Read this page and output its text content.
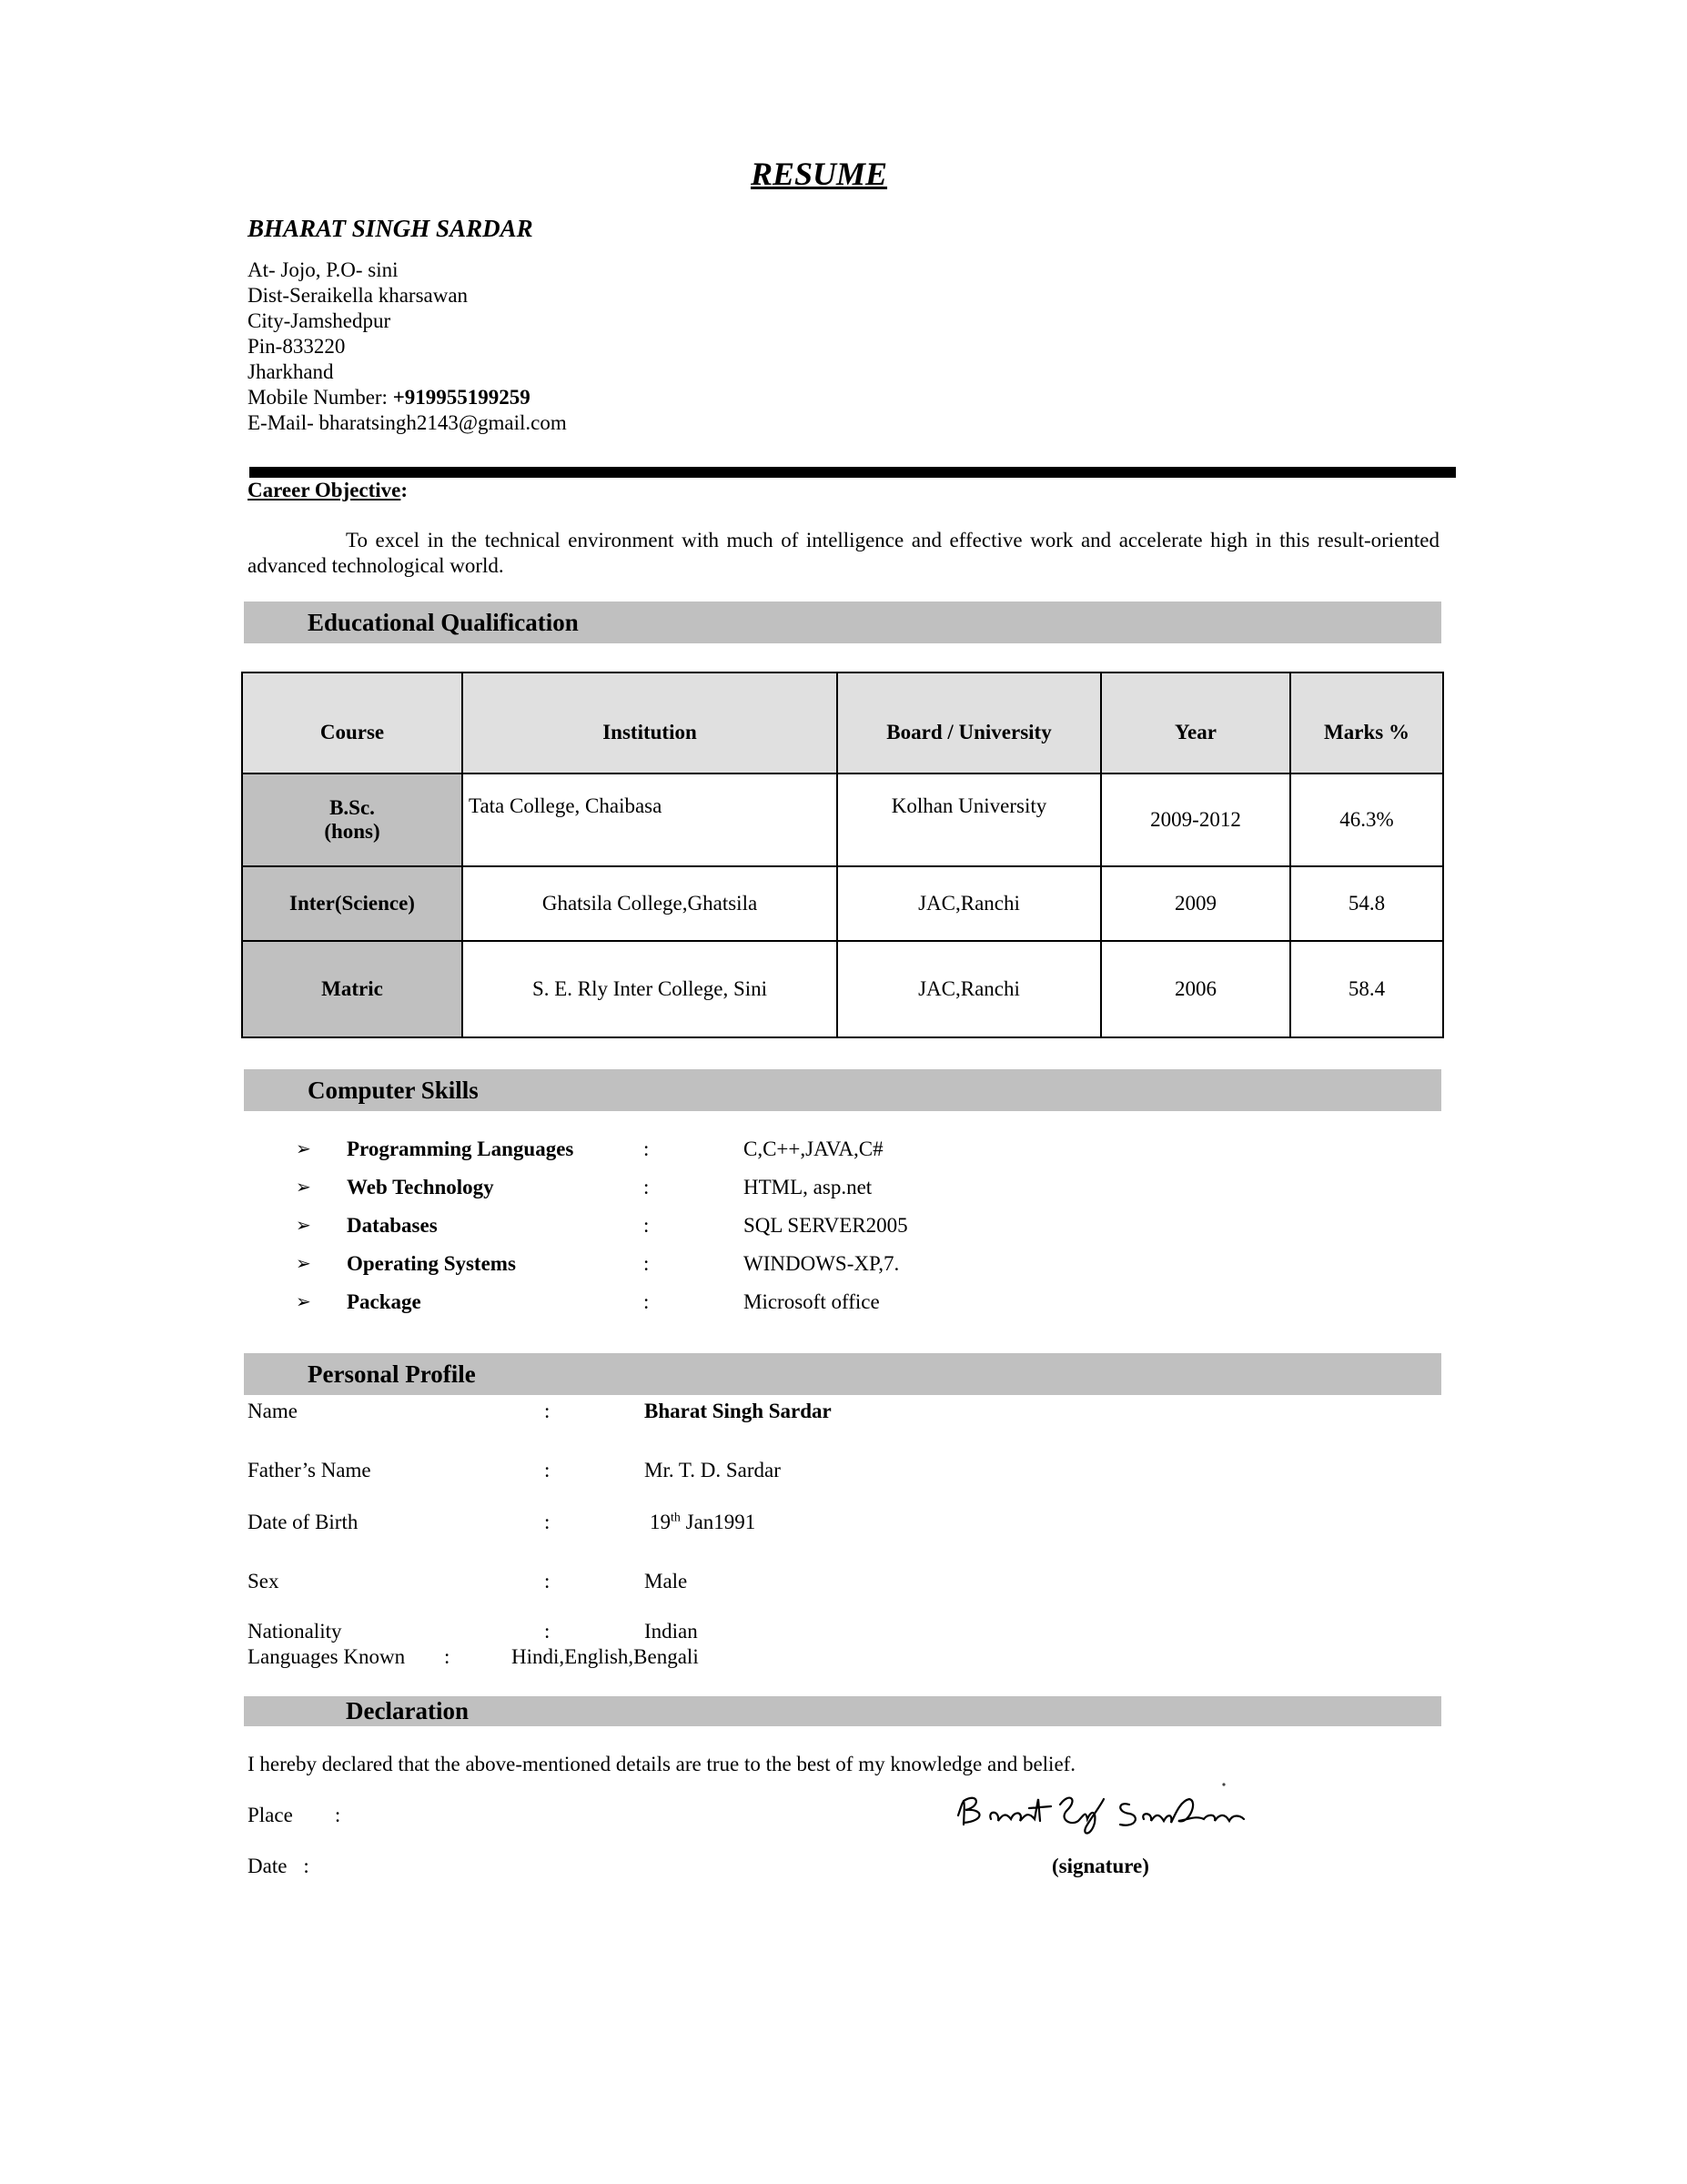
RESUME
BHARAT SINGH SARDAR
At- Jojo, P.O- sini
Dist-Seraikella kharsawan
City-Jamshedpur
Pin-833220
Jharkhand
Mobile Number: +919955199259
E-Mail- bharatsingh2143@gmail.com
Career Objective:
To excel in the technical environment with much of intelligence and effective work and accelerate high in this result-oriented advanced technological world.
Educational Qualification
Course	Institution	Board / University	Year	Marks %

B.Sc.
(hons)	Tata College, Chaibasa	Kolhan University	2009-2012	46.3%
Inter(Science)	Ghatsila College,Ghatsila	JAC,Ranchi	2009	54.8
Matric	S. E. Rly Inter College, Sini	JAC,Ranchi	2006	58.4
Computer Skills
➢ Programming Languages	:	C,C++,JAVA,C#
➢ Web Technology	:	HTML, asp.net
➢ Databases	:	SQL SERVER2005
➢ Operating Systems	:	WINDOWS-XP,7.
➢ Package	:	Microsoft office
Personal Profile
Name	:	Bharat Singh Sardar
Father’s Name	:	Mr. T. D. Sardar
Date of Birth	:	19th Jan1991
Sex	:	Male
Nationality	:	Indian
Languages Known :	Hindi,English,Bengali
Declaration
I hereby declared that the above-mentioned details are true to the best of my knowledge and belief.
Place :
Date :	(signature)
